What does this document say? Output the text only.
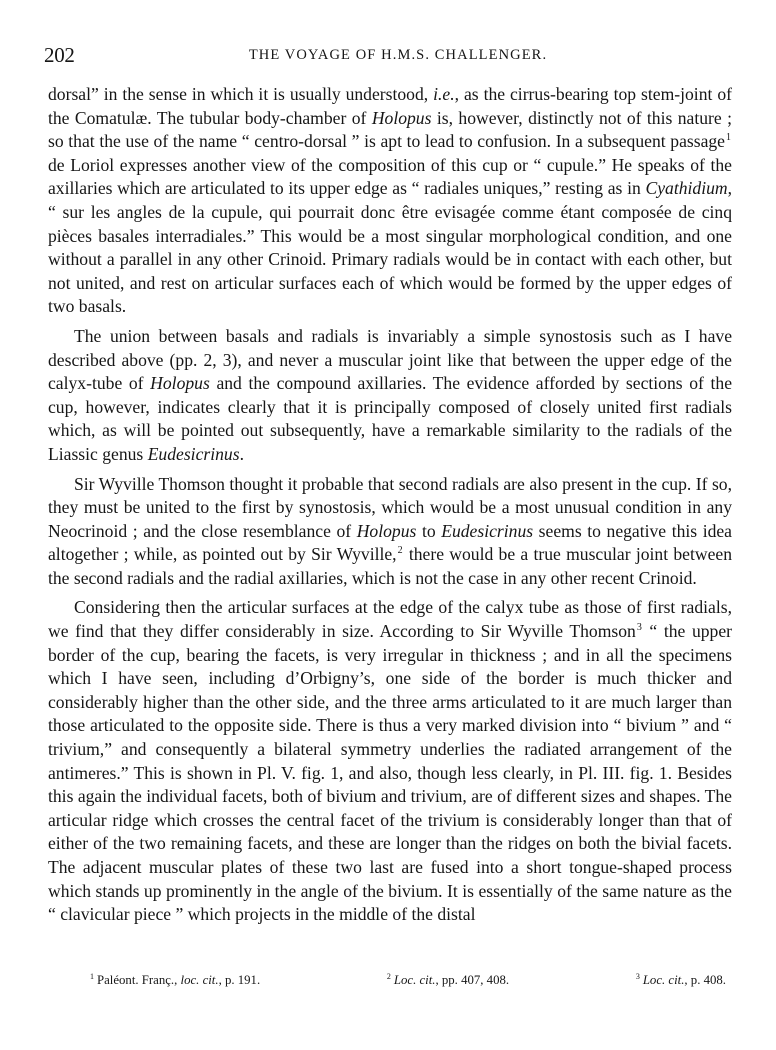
202	THE VOYAGE OF H.M.S. CHALLENGER.

dorsal” in the sense in which it is usually understood, i.e., as the cirrus-bearing top stem-joint of the Comatulæ. The tubular body-chamber of Holopus is, however, distinctly not of this nature ; so that the use of the name “ centro-dorsal ” is apt to lead to confusion. In a subsequent passage$^1$ de Loriol expresses another view of the composition of this cup or “ cupule.” He speaks of the axillaries which are articulated to its upper edge as “ radiales uniques,” resting as in Cyathidium, “ sur les angles de la cupule, qui pourrait donc être evisagée comme étant composée de cinq pièces basales interradiales.” This would be a most singular morphological condition, and one without a parallel in any other Crinoid. Primary radials would be in contact with each other, but not united, and rest on articular surfaces each of which would be formed by the upper edges of two basals.

The union between basals and radials is invariably a simple synostosis such as I have described above (pp. 2, 3), and never a muscular joint like that between the upper edge of the calyx-tube of Holopus and the compound axillaries. The evidence afforded by sections of the cup, however, indicates clearly that it is principally composed of closely united first radials which, as will be pointed out subsequently, have a remarkable similarity to the radials of the Liassic genus Eudesicrinus.

Sir Wyville Thomson thought it probable that second radials are also present in the cup. If so, they must be united to the first by synostosis, which would be a most unusual condition in any Neocrinoid ; and the close resemblance of Holopus to Eudesicrinus seems to negative this idea altogether ; while, as pointed out by Sir Wyville,$^2$ there would be a true muscular joint between the second radials and the radial axillaries, which is not the case in any other recent Crinoid.

Considering then the articular surfaces at the edge of the calyx tube as those of first radials, we find that they differ considerably in size. According to Sir Wyville Thomson$^3$ “ the upper border of the cup, bearing the facets, is very irregular in thickness ; and in all the specimens which I have seen, including d’Orbigny’s, one side of the border is much thicker and considerably higher than the other side, and the three arms articulated to it are much larger than those articulated to the opposite side. There is thus a very marked division into “ bivium ” and “ trivium,” and consequently a bilateral symmetry underlies the radiated arrangement of the antimeres.” This is shown in Pl. V. fig. 1, and also, though less clearly, in Pl. III. fig. 1. Besides this again the individual facets, both of bivium and trivium, are of different sizes and shapes. The articular ridge which crosses the central facet of the trivium is considerably longer than that of either of the two remaining facets, and these are longer than the ridges on both the bivial facets. The adjacent muscular plates of these two last are fused into a short tongue-shaped process which stands up prominently in the angle of the bivium. It is essentially of the same nature as the “ clavicular piece ” which projects in the middle of the distal

$^1$ Paléont. Franç., loc. cit., p. 191.	$^2$ Loc. cit., pp. 407, 408.	$^3$ Loc. cit., p. 408.
